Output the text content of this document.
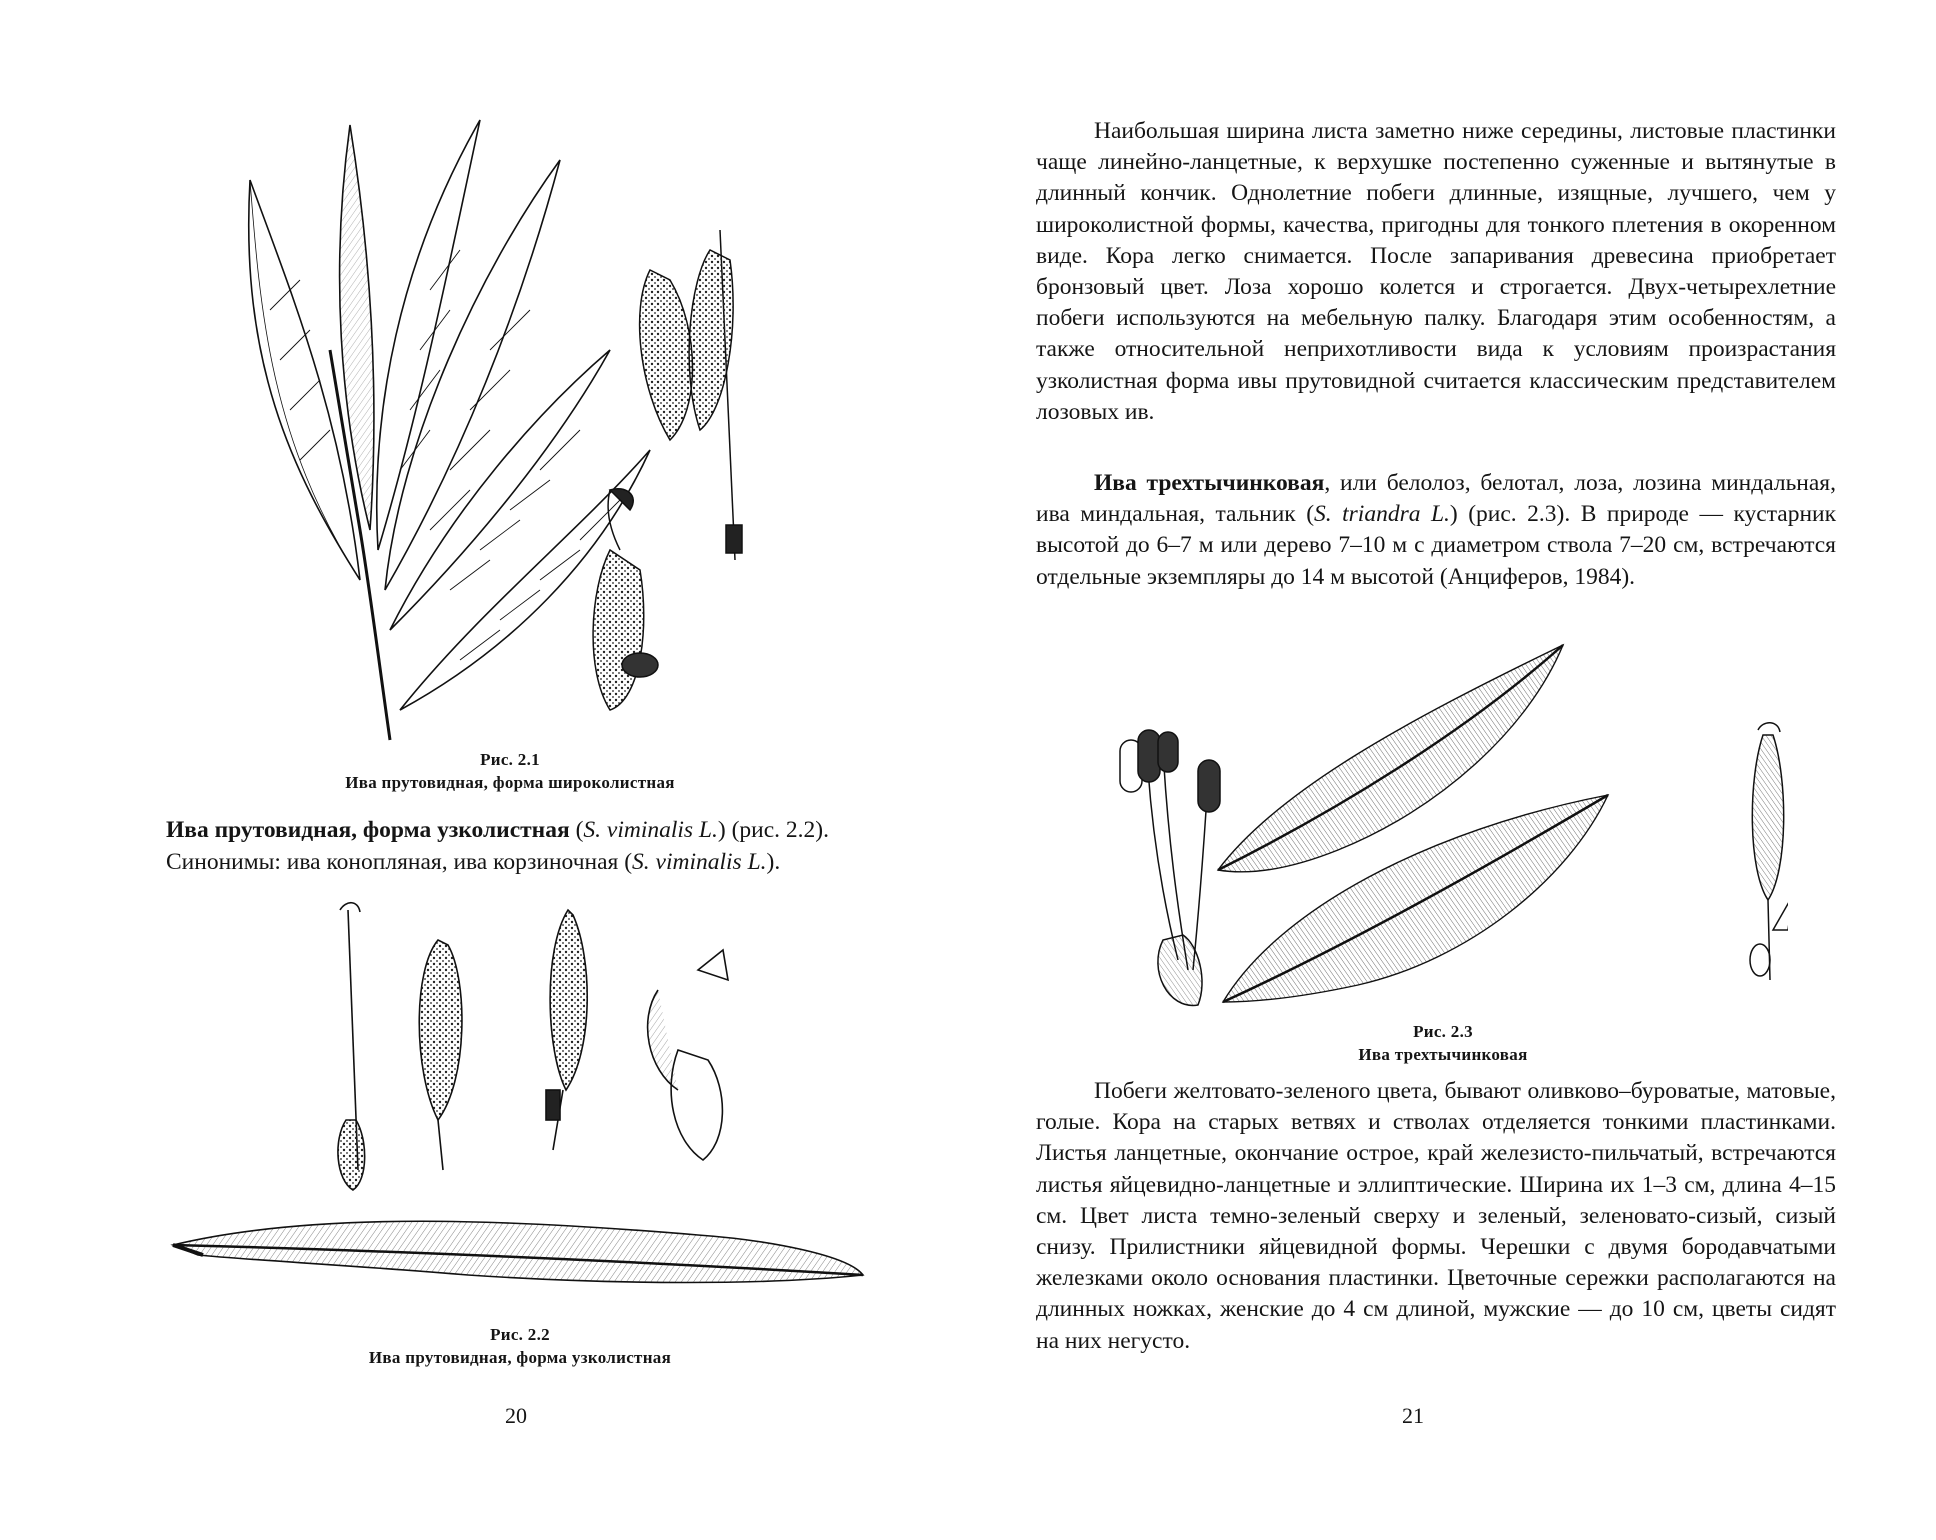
Рис. 2.1
Ива прутовидная, форма широколистная
Ива прутовидная, форма узколистная (S. viminalis L.) (рис. 2.2).
Синонимы: ива конопляная, ива корзиночная (S. viminalis L.).
Рис. 2.2
Ива прутовидная, форма узколистная
20

Наибольшая ширина листа заметно ниже середины, листовые пластинки чаще линейно-ланцетные, к верхушке постепенно суженные и вытянутые в длинный кончик. Однолетние побеги длинные, изящные, лучшего, чем у широколистной формы, качества, пригодны для тонкого плетения в окоренном виде. Кора легко снимается. После запаривания древесина приобретает бронзовый цвет. Лоза хорошо колется и строгается. Двух-четырехлетние побеги используются на мебельную палку. Благодаря этим особенностям, а также относительной неприхотливости вида к условиям произрастания узколистная форма ивы прутовидной считается классическим представителем лозовых ив.

Ива трехтычинковая, или белолоз, белотал, лоза, лозина миндальная, ива миндальная, тальник (S. triandra L.) (рис. 2.3). В природе — кустарник высотой до 6–7 м или дерево 7–10 м с диаметром ствола 7–20 см, встречаются отдельные экземпляры до 14 м высотой (Анциферов, 1984).

Рис. 2.3
Ива трехтычинковая

Побеги желтовато-зеленого цвета, бывают оливково–буроватые, матовые, голые. Кора на старых ветвях и стволах отделяется тонкими пластинками. Листья ланцетные, окончание острое, край железисто-пильчатый, встречаются листья яйцевидно-ланцетные и эллиптические. Ширина их 1–3 см, длина 4–15 см. Цвет листа темно-зеленый сверху и зеленый, зеленовато-сизый, сизый снизу. Прилистники яйцевидной формы. Черешки с двумя бородавчатыми железками около основания пластинки. Цветочные сережки располагаются на длинных ножках, женские до 4 см длиной, мужские — до 10 см, цветы сидят на них негусто.

21
